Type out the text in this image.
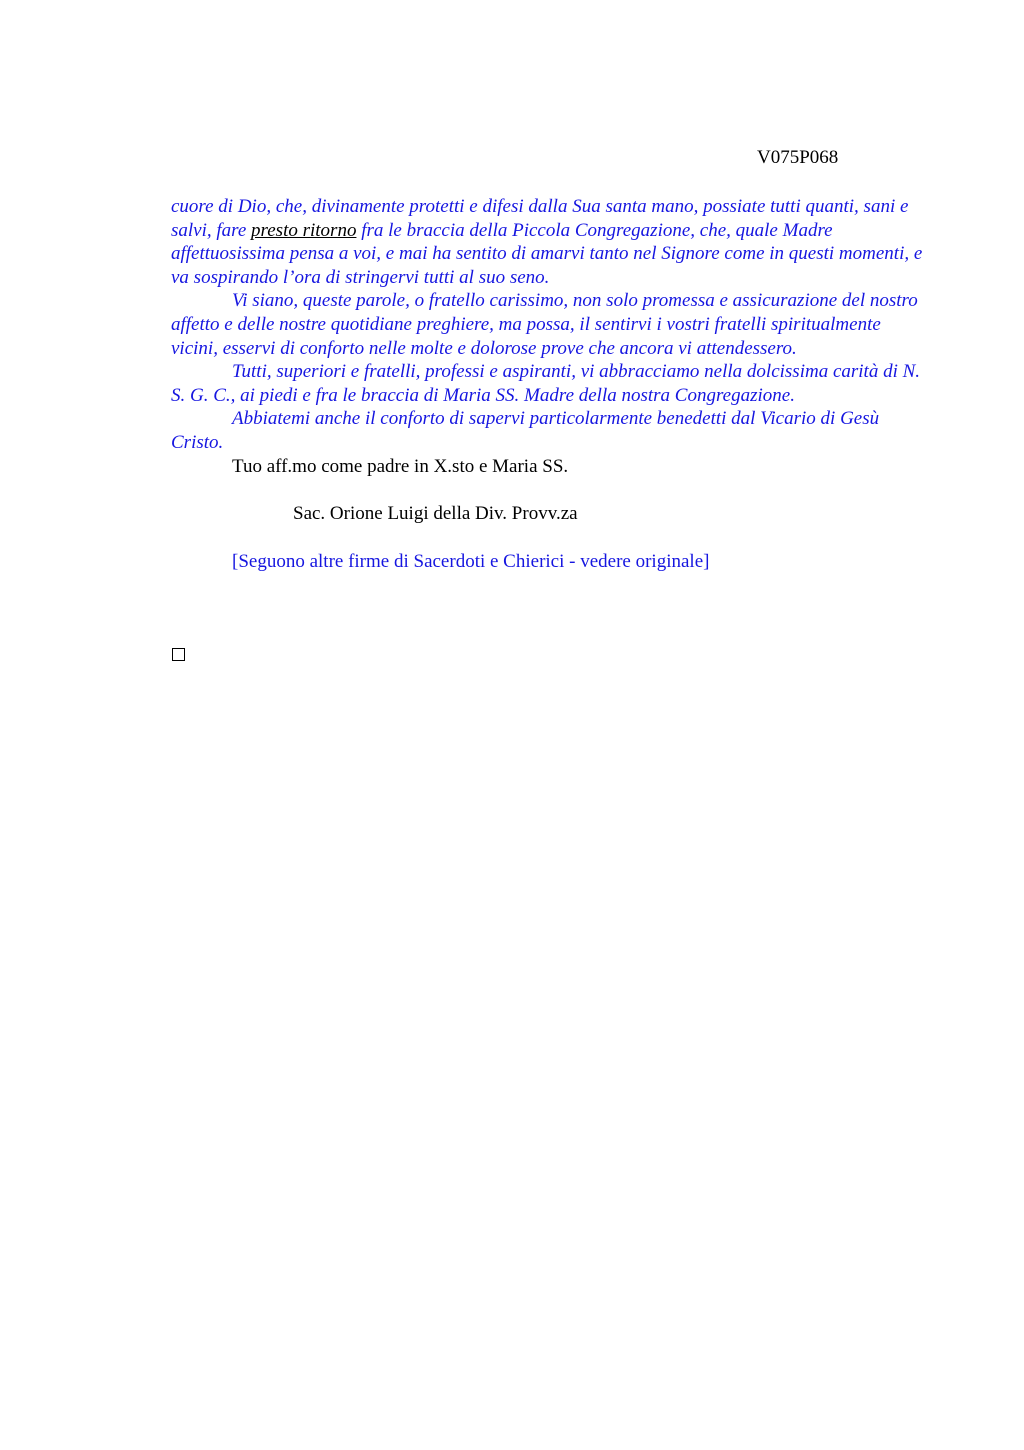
V075P068

cuore di Dio, che, divinamente protetti e difesi dalla Sua santa mano, possiate tutti quanti, sani e salvi, fare presto ritorno fra le braccia della Piccola Congregazione, che, quale Madre affettuosissima pensa a voi, e mai ha sentito di amarvi tanto nel Signore come in questi momenti, e va sospirando l’ora di stringervi tutti al suo seno.

Vi siano, queste parole, o fratello carissimo, non solo promessa e assicurazione del nostro affetto e delle nostre quotidiane preghiere, ma possa, il sentirvi i vostri fratelli spiritualmente vicini, esservi di conforto nelle molte e dolorose prove che ancora vi attendessero.

Tutti, superiori e fratelli, professi e aspiranti, vi abbracciamo nella dolcissima carità di N. S. G. C., ai piedi e fra le braccia di Maria SS. Madre della nostra Congregazione.

Abbiatemi anche il conforto di sapervi particolarmente benedetti dal Vicario di Gesù Cristo.

Tuo aff.mo come padre in X.sto e Maria SS.

Sac. Orione Luigi della Div. Provv.za

[Seguono altre firme di Sacerdoti e Chierici - vedere originale]
